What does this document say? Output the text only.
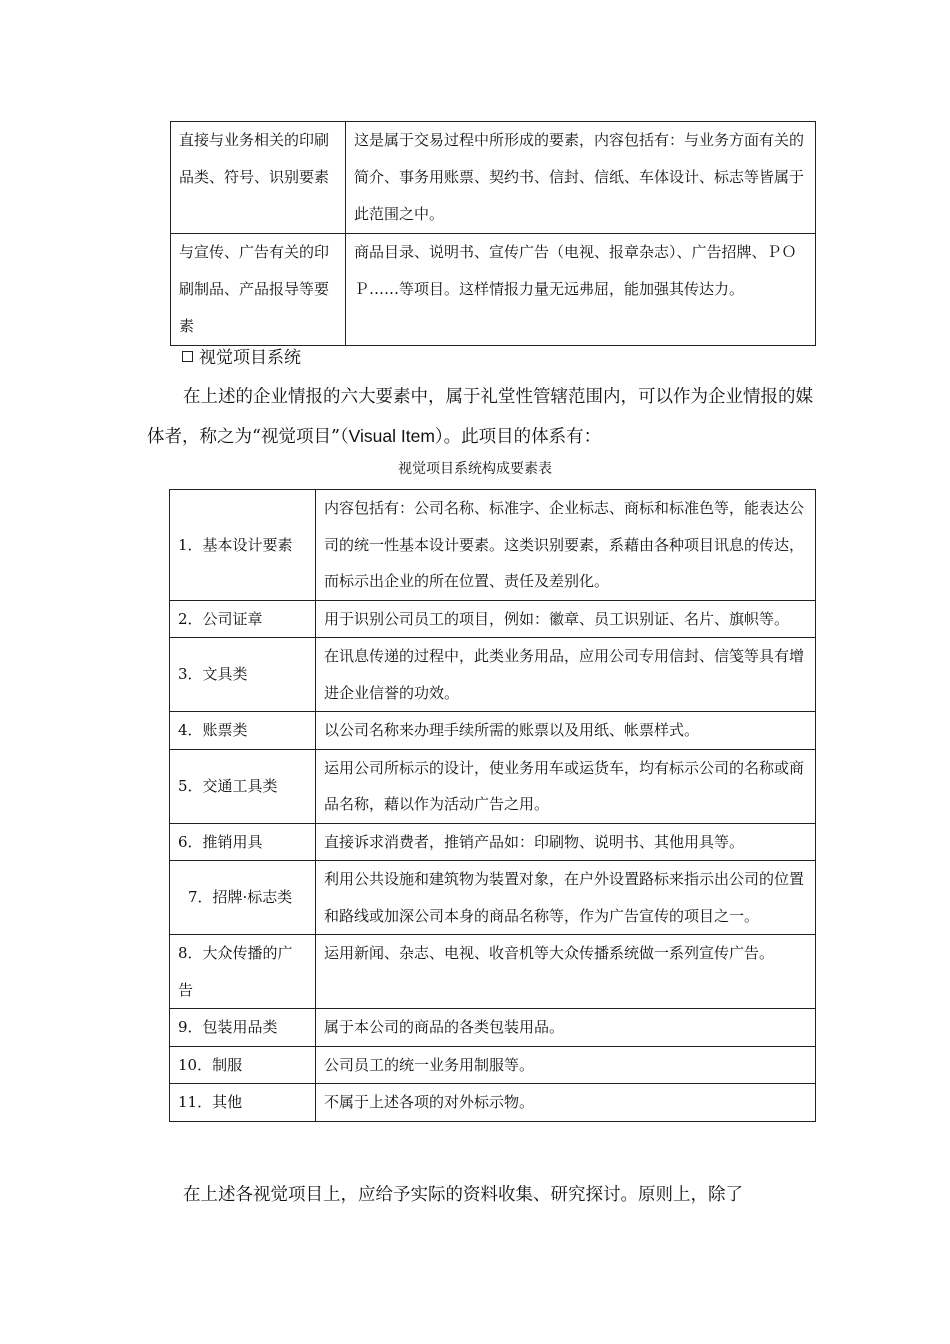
直接与业务相关的印刷品类、符号、识别要素	这是属于交易过程中所形成的要素，内容包括有：与业务方面有关的简介、事务用账票、契约书、信封、信纸、车体设计、标志等皆属于此范围之中。
与宣传、广告有关的印刷制品、产品报导等要素	商品目录、说明书、宣传广告（电视、报章杂志）、广告招牌、ＰＯＰ……等项目。这样情报力量无远弗屈，能加强其传达力。
视觉项目系统
在上述的企业情报的六大要素中，属于礼堂性管辖范围内，可以作为企业情报的媒体者，称之为“视觉项目”（Visual Item）。此项目的体系有：
视觉项目系统构成要素表
1．基本设计要素	内容包括有：公司名称、标准字、企业标志、商标和标准色等，能表达公司的统一性基本设计要素。这类识别要素，系藉由各种项目讯息的传达，而标示出企业的所在位置、责任及差别化。
2．公司证章	用于识别公司员工的项目，例如：徽章、员工识别证、名片、旗帜等。
3．文具类	在讯息传递的过程中，此类业务用品，应用公司专用信封、信笺等具有增进企业信誉的功效。
4．账票类	以公司名称来办理手续所需的账票以及用纸、帐票样式。
5．交通工具类	运用公司所标示的设计，使业务用车或运货车，均有标示公司的名称或商品名称，藉以作为活动广告之用。
6．推销用具	直接诉求消费者，推销产品如：印刷物、说明书、其他用具等。
7．招牌·标志类	利用公共设施和建筑物为装置对象，在户外设置路标来指示出公司的位置和路线或加深公司本身的商品名称等，作为广告宣传的项目之一。
8．大众传播的广告	运用新闻、杂志、电视、收音机等大众传播系统做一系列宣传广告。
9．包装用品类	属于本公司的商品的各类包装用品。
10．制服	公司员工的统一业务用制服等。
11．其他	不属于上述各项的对外标示物。
在上述各视觉项目上，应给予实际的资料收集、研究探讨。原则上，除了
